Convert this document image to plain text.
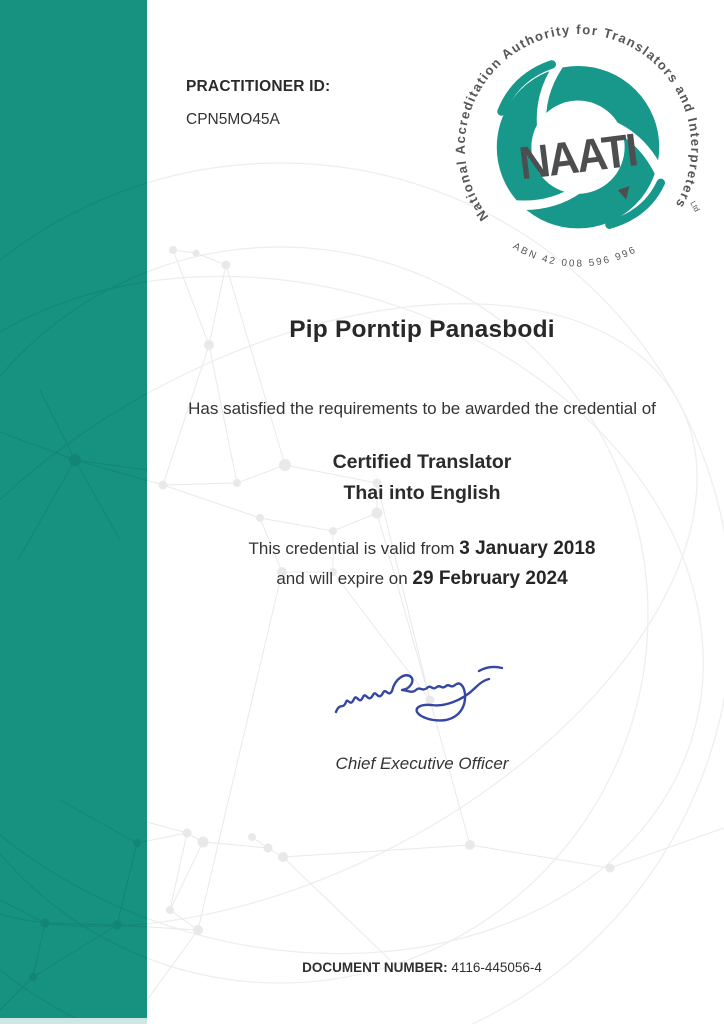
PRACTITIONER ID:
CPN5MO45A
NAATI
National Accreditation Authority for Translators and Interpreters
Ltd
ABN 42 008 596 996
Pip Porntip Panasbodi
Has satisfied the requirements to be awarded the credential of
Certified Translator
Thai into English
This credential is valid from 3 January 2018
and will expire on 29 February 2024
Chief Executive Officer
DOCUMENT NUMBER: 4116-445056-4
